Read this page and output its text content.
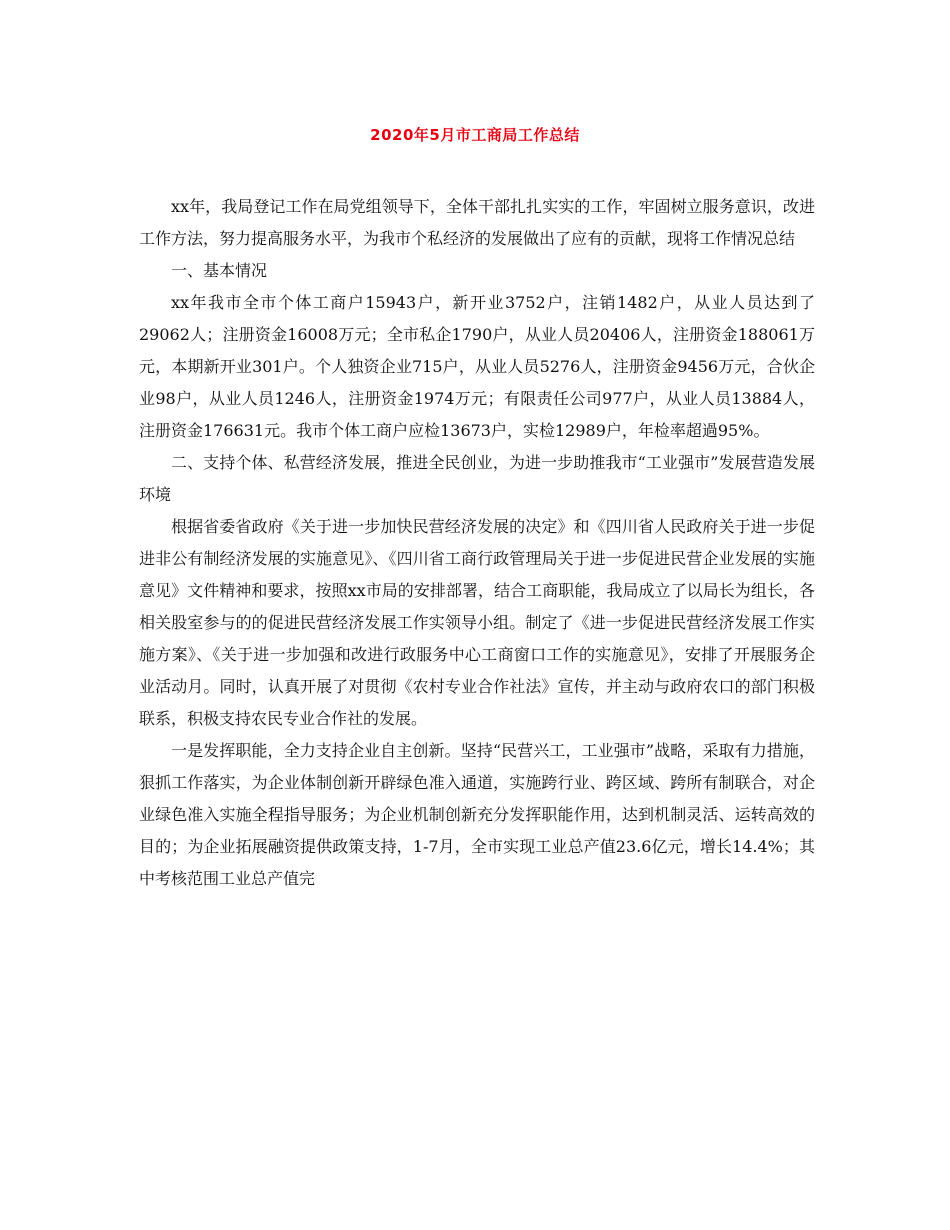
2020年5月市工商局工作总结

xx年，我局登记工作在局党组领导下，全体干部扎扎实实的工作，牢固树立服务意识，改进工作方法，努力提高服务水平，为我市个私经济的发展做出了应有的贡献，现将工作情况总结

一、基本情况

xx年我市全市个体工商户15943户，新开业3752户，注销1482户，从业人员达到了29062人；注册资金16008万元；全市私企1790户，从业人员20406人，注册资金188061万元，本期新开业301户。个人独资企业715户，从业人员5276人，注册资金9456万元，合伙企业98户，从业人员1246人，注册资金1974万元；有限责任公司977户，从业人员13884人，注册资金176631元。我市个体工商户应检13673户，实检12989户，年检率超過95%。

二、支持个体、私营经济发展，推进全民创业，为进一步助推我市“工业强市”发展营造发展环境

根据省委省政府《关于进一步加快民营经济发展的决定》和《四川省人民政府关于进一步促进非公有制经济发展的实施意见》、《四川省工商行政管理局关于进一步促进民营企业发展的实施意见》文件精神和要求，按照xx市局的安排部署，结合工商职能，我局成立了以局长为组长，各相关股室参与的的促进民营经济发展工作实领导小组。制定了《进一步促进民营经济发展工作实施方案》、《关于进一步加强和改进行政服务中心工商窗口工作的实施意见》，安排了开展服务企业活动月。同时，认真开展了对贯彻《农村专业合作社法》宣传，并主动与政府农口的部门积极联系，积极支持农民专业合作社的发展。

一是发挥职能，全力支持企业自主创新。坚持“民营兴工，工业强市”战略，采取有力措施，狠抓工作落实，为企业体制创新开辟绿色准入通道，实施跨行业、跨区域、跨所有制联合，对企业绿色准入实施全程指导服务；为企业机制创新充分发挥职能作用，达到机制灵活、运转高效的目的；为企业拓展融资提供政策支持，1-7月，全市实现工业总产值23.6亿元，增长14.4%；其中考核范围工业总产值完
